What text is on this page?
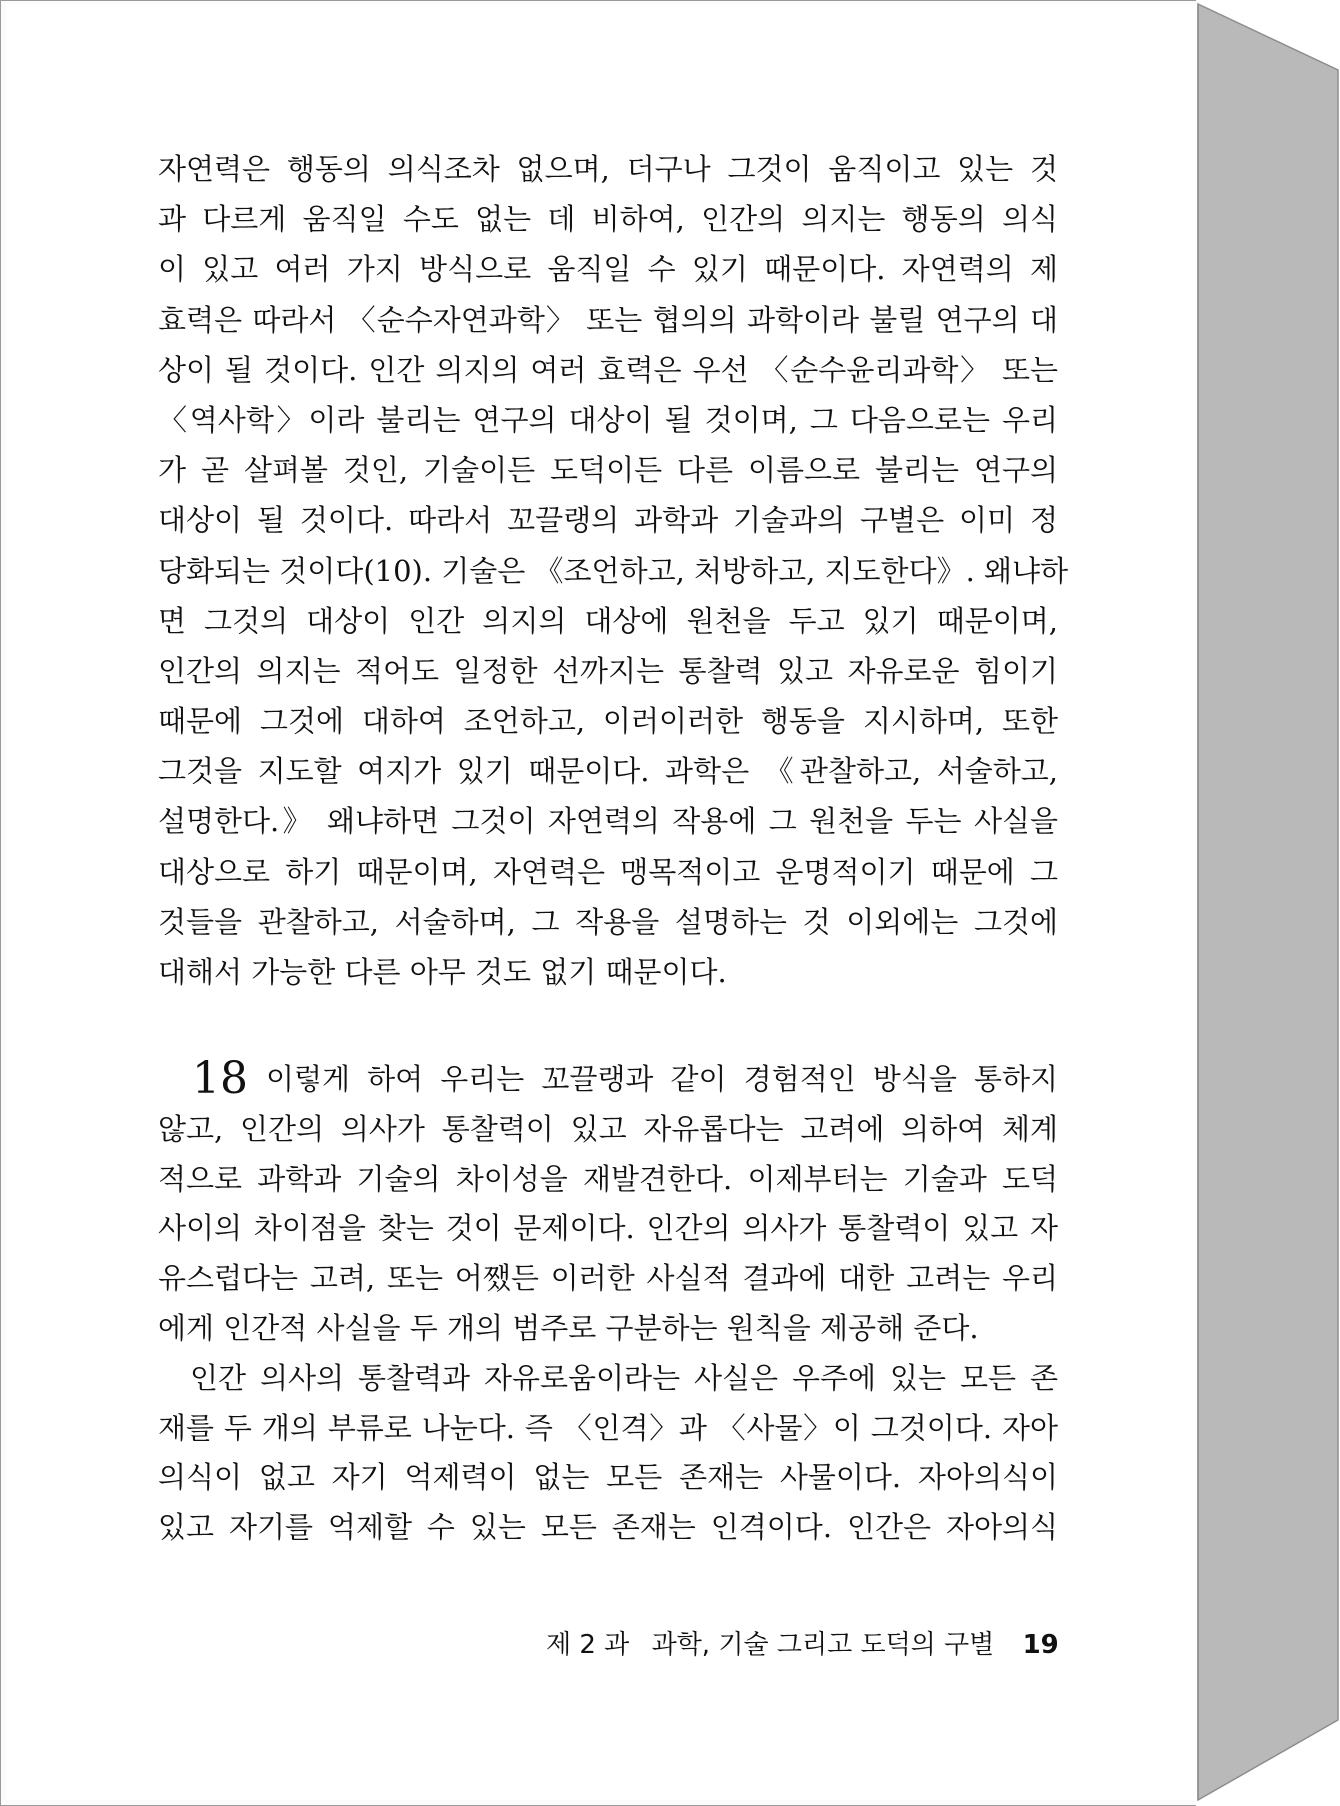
자연력은 행동의 의식조차 없으며, 더구나 그것이 움직이고 있는 것
과 다르게 움직일 수도 없는 데 비하여, 인간의 의지는 행동의 의식
이 있고 여러 가지 방식으로 움직일 수 있기 때문이다. 자연력의 제
효력은 따라서 〈순수자연과학〉 또는 협의의 과학이라 불릴 연구의 대
상이 될 것이다. 인간 의지의 여러 효력은 우선 〈순수윤리과학〉 또는
〈역사학〉이라 불리는 연구의 대상이 될 것이며, 그 다음으로는 우리
가 곧 살펴볼 것인, 기술이든 도덕이든 다른 이름으로 불리는 연구의
대상이 될 것이다. 따라서 꼬끌랭의 과학과 기술과의 구별은 이미 정
당화되는 것이다(10). 기술은 《조언하고, 처방하고, 지도한다》. 왜냐하
면 그것의 대상이 인간 의지의 대상에 원천을 두고 있기 때문이며,
인간의 의지는 적어도 일정한 선까지는 통찰력 있고 자유로운 힘이기
때문에 그것에 대하여 조언하고, 이러이러한 행동을 지시하며, 또한
그것을 지도할 여지가 있기 때문이다. 과학은 《관찰하고, 서술하고,
설명한다.》 왜냐하면 그것이 자연력의 작용에 그 원천을 두는 사실을
대상으로 하기 때문이며, 자연력은 맹목적이고 운명적이기 때문에 그
것들을 관찰하고, 서술하며, 그 작용을 설명하는 것 이외에는 그것에
대해서 가능한 다른 아무 것도 없기 때문이다.
18 이렇게 하여 우리는 꼬끌랭과 같이 경험적인 방식을 통하지
않고, 인간의 의사가 통찰력이 있고 자유롭다는 고려에 의하여 체계
적으로 과학과 기술의 차이성을 재발견한다. 이제부터는 기술과 도덕
사이의 차이점을 찾는 것이 문제이다. 인간의 의사가 통찰력이 있고 자
유스럽다는 고려, 또는 어쨌든 이러한 사실적 결과에 대한 고려는 우리
에게 인간적 사실을 두 개의 범주로 구분하는 원칙을 제공해 준다.
인간 의사의 통찰력과 자유로움이라는 사실은 우주에 있는 모든 존
재를 두 개의 부류로 나눈다. 즉 〈인격〉과 〈사물〉이 그것이다. 자아
의식이 없고 자기 억제력이 없는 모든 존재는 사물이다. 자아의식이
있고 자기를 억제할 수 있는 모든 존재는 인격이다. 인간은 자아의식
제 2 과 과학, 기술 그리고 도덕의 구별 19
